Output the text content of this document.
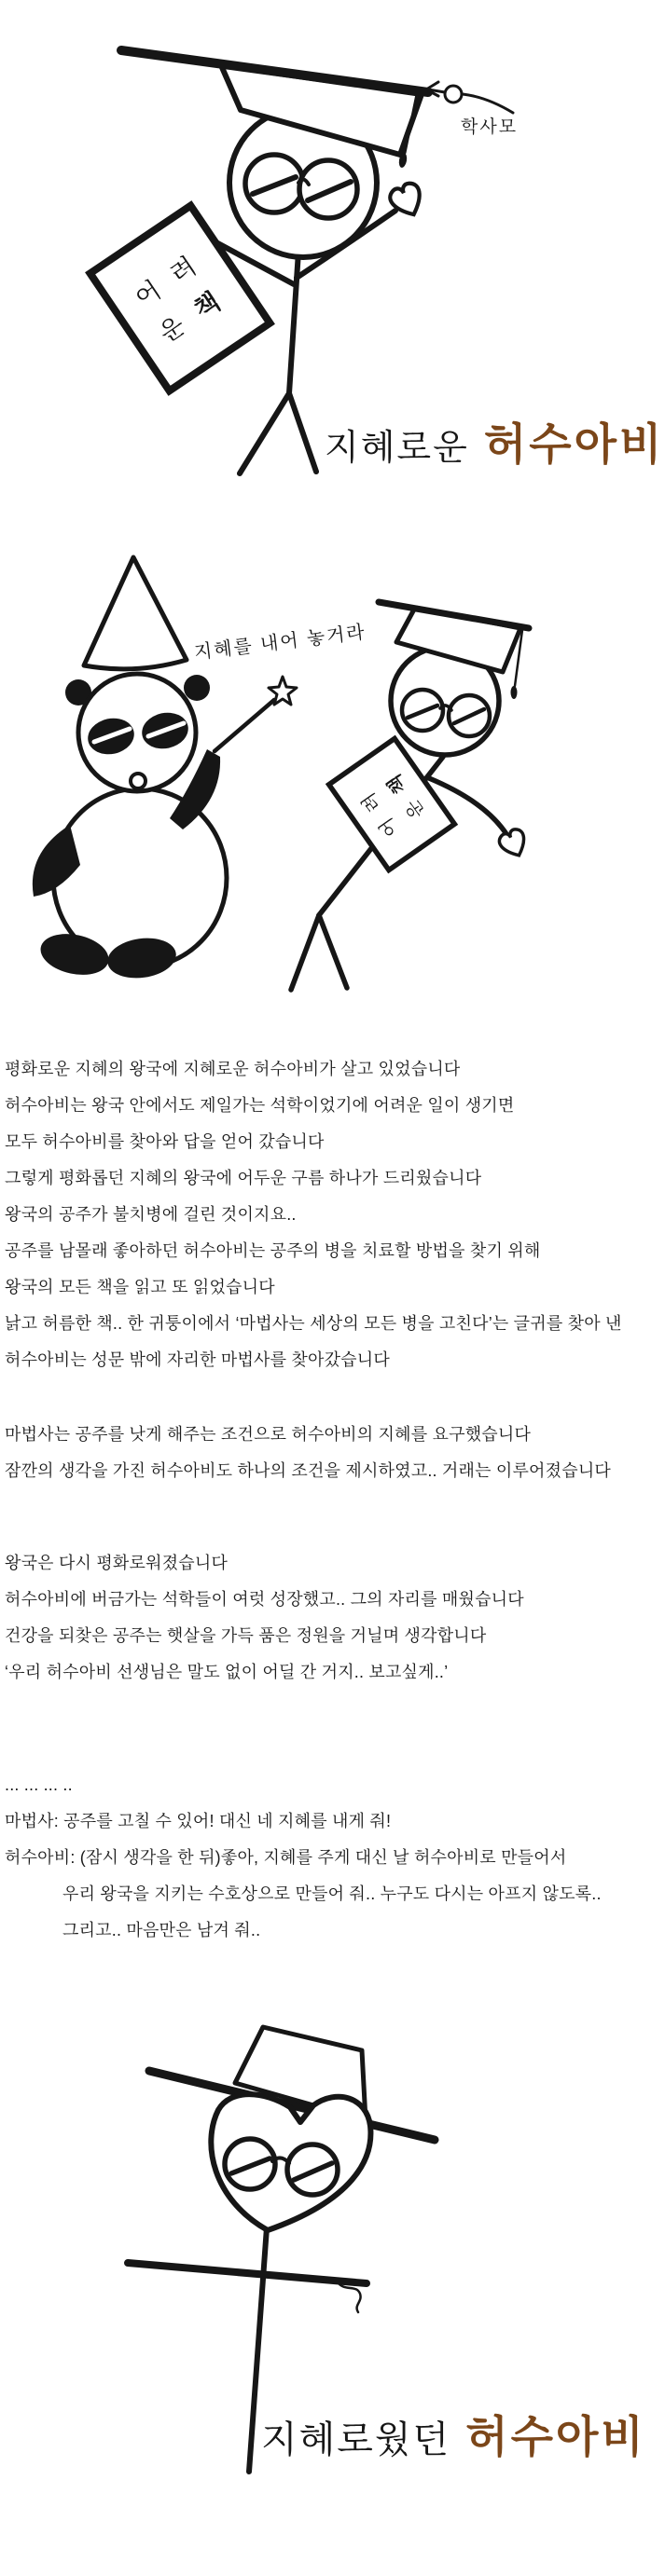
어 려
운 책
학사모
지혜로운 허수아비
어 려
운 책
지혜를 내어 놓거라
평화로운 지혜의 왕국에 지혜로운 허수아비가 살고 있었습니다
허수아비는 왕국 안에서도 제일가는 석학이었기에 어려운 일이 생기면
모두 허수아비를 찾아와 답을 얻어 갔습니다
그렇게 평화롭던 지혜의 왕국에 어두운 구름 하나가 드리웠습니다
왕국의 공주가 불치병에 걸린 것이지요..
공주를 남몰래 좋아하던 허수아비는 공주의 병을 치료할 방법을 찾기 위해
왕국의 모든 책을 읽고 또 읽었습니다
낡고 허름한 책.. 한 귀퉁이에서 ‘마법사는 세상의 모든 병을 고친다’는 글귀를 찾아 낸
허수아비는 성문 밖에 자리한 마법사를 찾아갔습니다
마법사는 공주를 낫게 해주는 조건으로 허수아비의 지혜를 요구했습니다
잠깐의 생각을 가진 허수아비도 하나의 조건을 제시하였고.. 거래는 이루어졌습니다
왕국은 다시 평화로워졌습니다
허수아비에 버금가는 석학들이 여럿 성장했고.. 그의 자리를 매웠습니다
건강을 되찾은 공주는 햇살을 가득 품은 정원을 거닐며 생각합니다
‘우리 허수아비 선생님은 말도 없이 어딜 간 거지.. 보고싶게..’
... ... ... ..
마법사: 공주를 고칠 수 있어! 대신 네 지혜를 내게 줘!
허수아비: (잠시 생각을 한 뒤)좋아, 지혜를 주게 대신 날 허수아비로 만들어서
우리 왕국을 지키는 수호상으로 만들어 줘.. 누구도 다시는 아프지 않도록..
그리고.. 마음만은 남겨 줘..
지혜로웠던 허수아비
